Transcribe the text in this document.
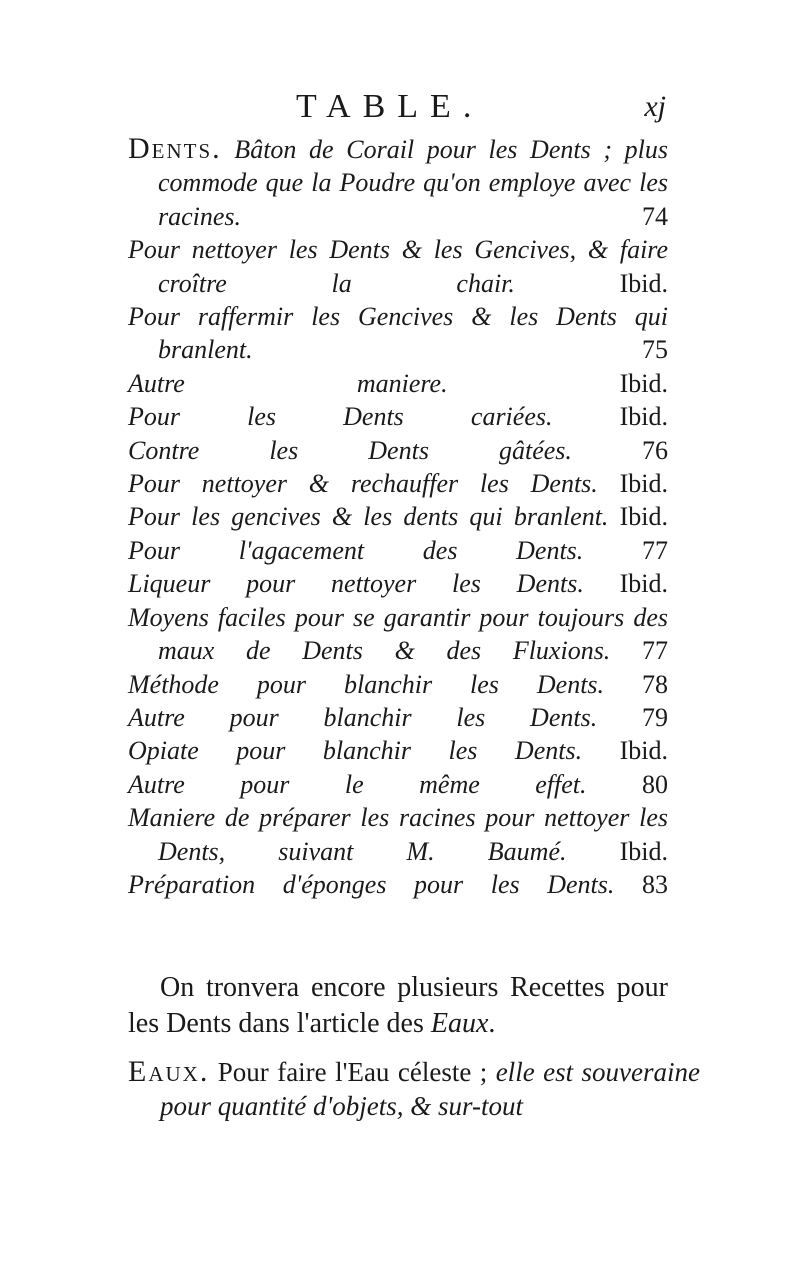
TABLE.	xj
Dents. Bâton de Corail pour les Dents ; plus commode que la Poudre qu'on employe avec les racines.	74
Pour nettoyer les Dents & les Gencives, & faire croître la chair.	Ibid.
Pour raffermir les Gencives & les Dents qui branlent.	75
Autre maniere.	Ibid.
Pour les Dents cariées.	Ibid.
Contre les Dents gâtées.	76
Pour nettoyer & rechauffer les Dents. Ibid.
Pour les gencives & les dents qui branlent. Ibid.
Pour l'agacement des Dents. 77
Liqueur pour nettoyer les Dents. Ibid.
Moyens faciles pour se garantir pour toujours des maux de Dents & des Fluxions. 77
Méthode pour blanchir les Dents. 78
Autre pour blanchir les Dents. 79
Opiate pour blanchir les Dents. Ibid.
Autre pour le même effet. 80
Maniere de préparer les racines pour nettoyer les Dents, suivant M. Baumé. Ibid.
Préparation d'éponges pour les Dents. 83

On tronvera encore plusieurs Recettes pour les Dents dans l'article des Eaux.

Eaux. Pour faire l'Eau céleste ; elle est souveraine pour quantité d'objets, & sur-tout
